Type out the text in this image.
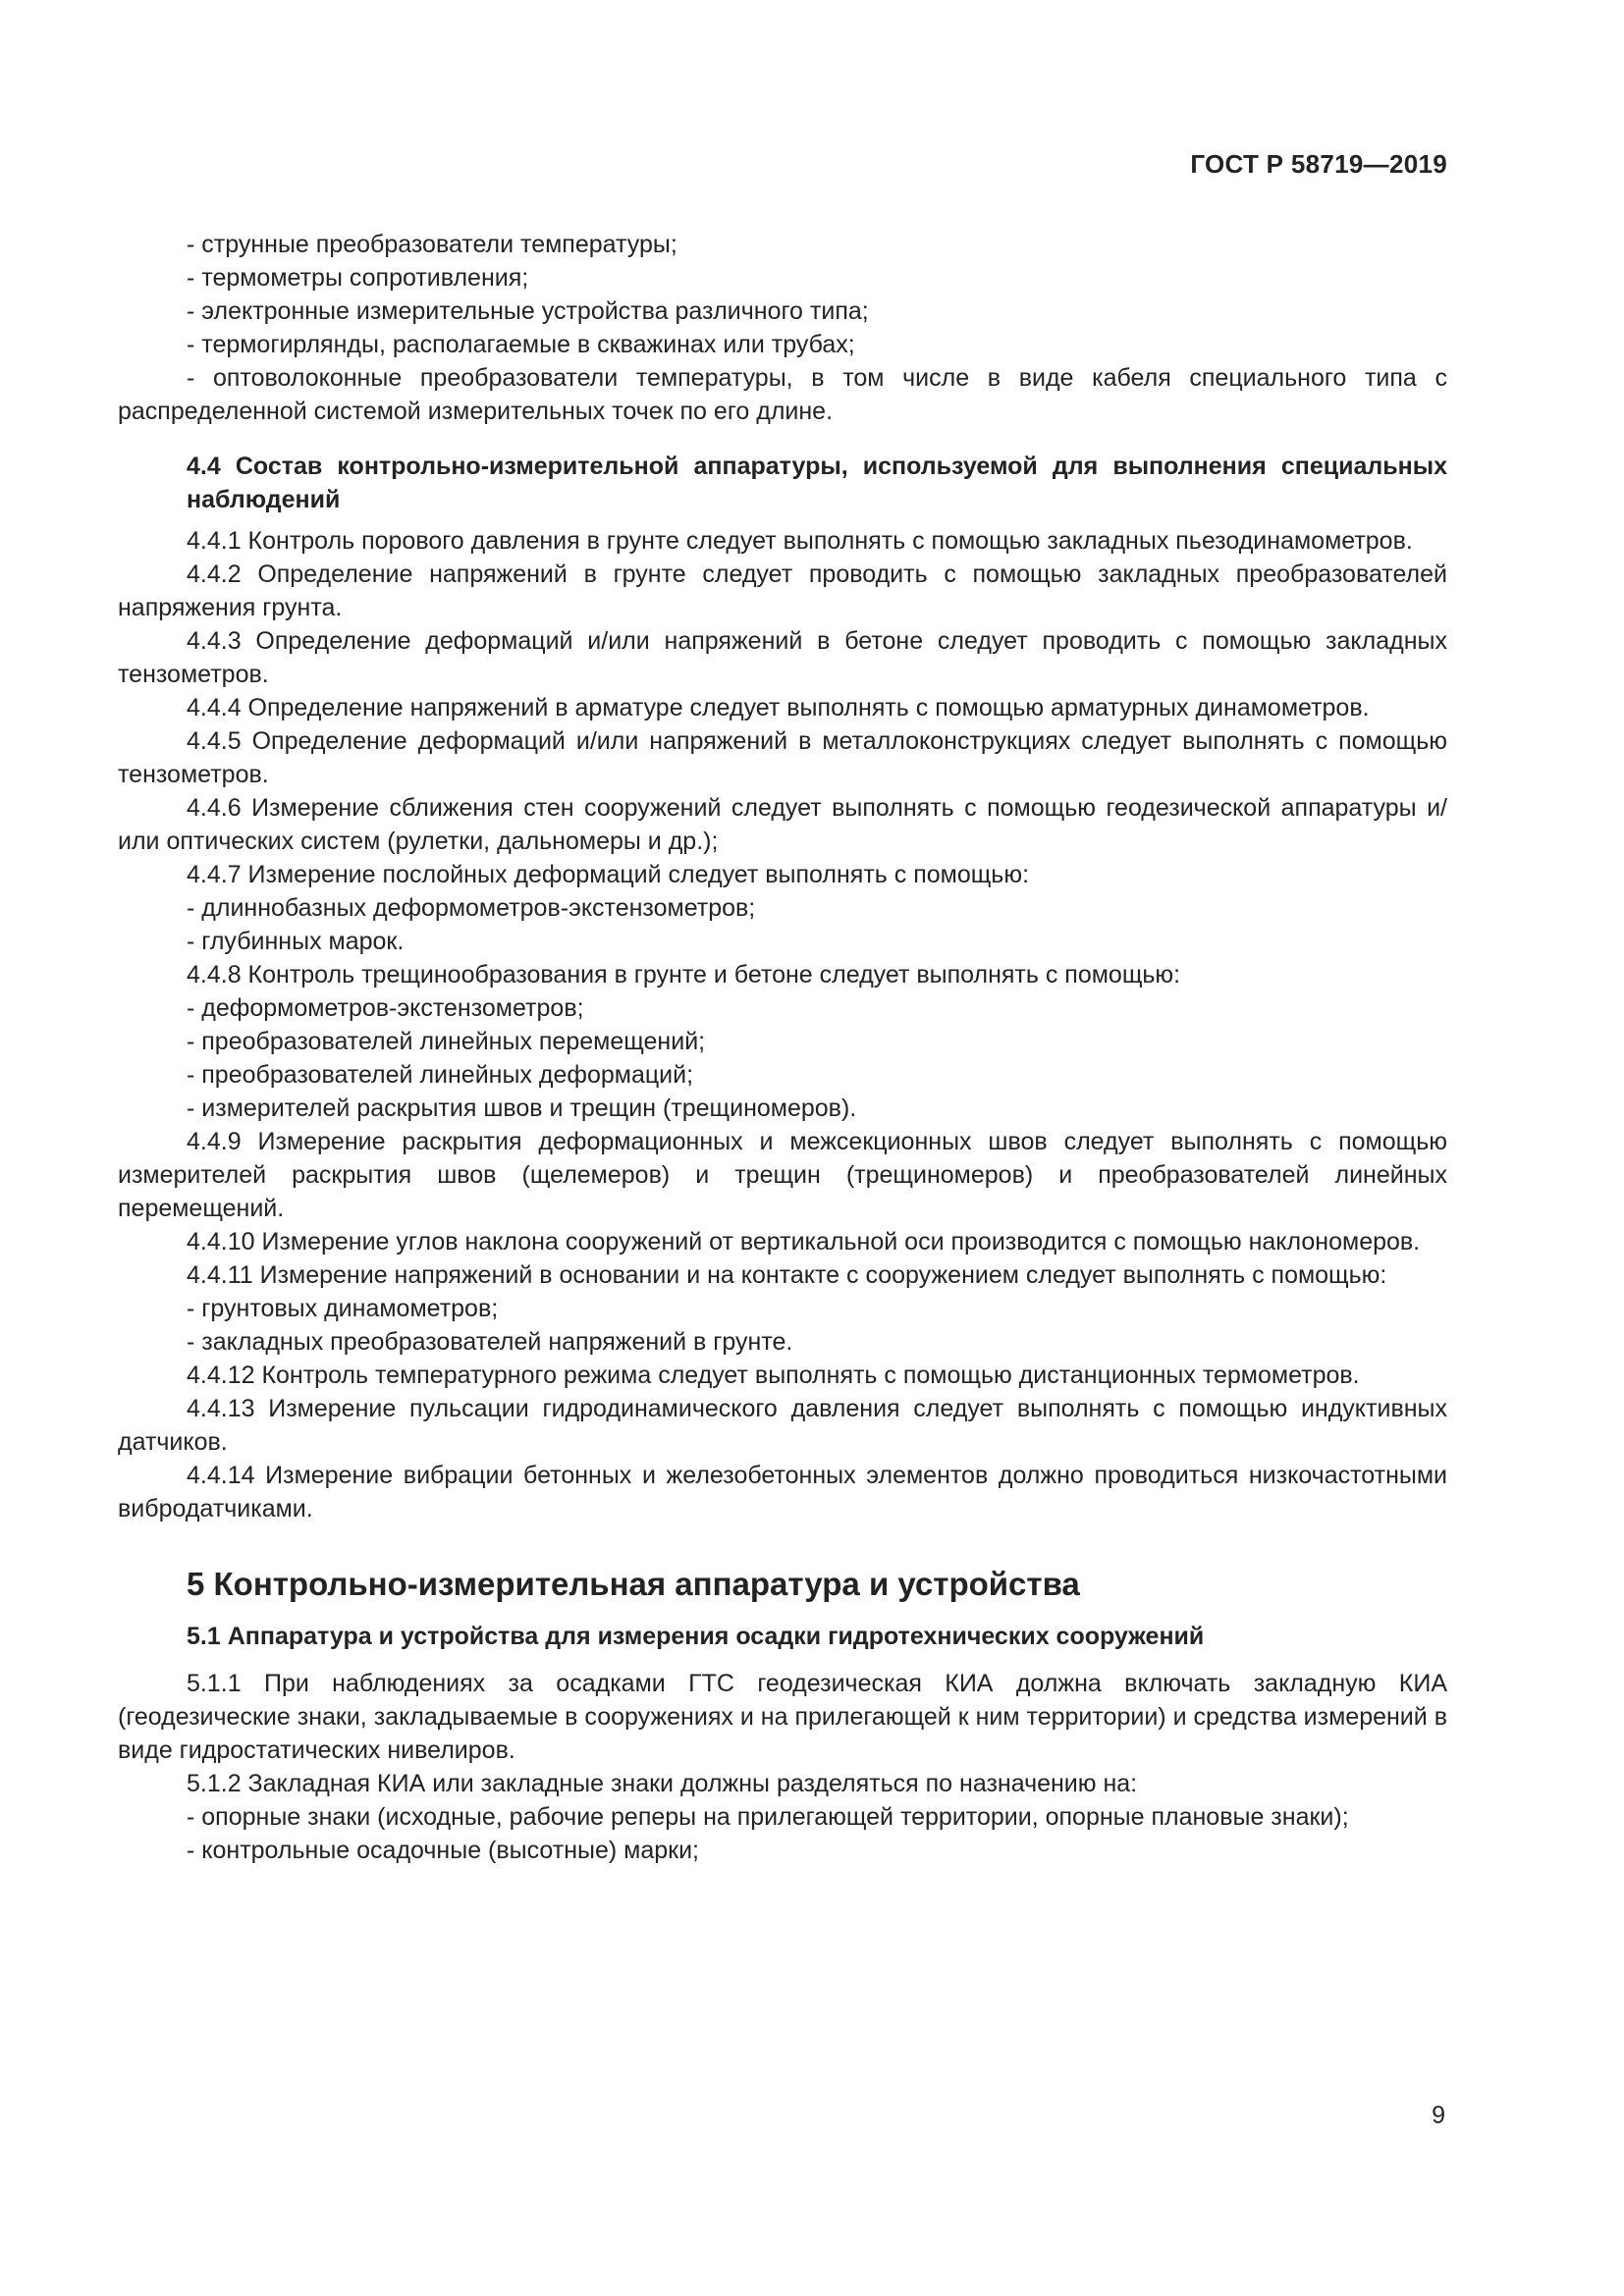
ГОСТ Р 58719—2019

- струнные преобразователи температуры;

- термометры сопротивления;

- электронные измерительные устройства различного типа;

- термогирлянды, располагаемые в скважинах или трубах;

- оптоволоконные преобразователи температуры, в том числе в виде кабеля специального типа с распределенной системой измерительных точек по его длине.

4.4 Состав контрольно-измерительной аппаратуры, используемой для выполнения специальных наблюдений

4.4.1 Контроль порового давления в грунте следует выполнять с помощью закладных пьезодинамометров.

4.4.2 Определение напряжений в грунте следует проводить с помощью закладных преобразователей напряжения грунта.

4.4.3 Определение деформаций и/или напряжений в бетоне следует проводить с помощью закладных тензометров.

4.4.4 Определение напряжений в арматуре следует выполнять с помощью арматурных динамометров.

4.4.5 Определение деформаций и/или напряжений в металлоконструкциях следует выполнять с помощью тензометров.

4.4.6 Измерение сближения стен сооружений следует выполнять с помощью геодезической аппаратуры и/или оптических систем (рулетки, дальномеры и др.);

4.4.7 Измерение послойных деформаций следует выполнять с помощью:

- длиннобазных деформометров-экстензометров;

- глубинных марок.

4.4.8 Контроль трещинообразования в грунте и бетоне следует выполнять с помощью:

- деформометров-экстензометров;

- преобразователей линейных перемещений;

- преобразователей линейных деформаций;

- измерителей раскрытия швов и трещин (трещиномеров).

4.4.9 Измерение раскрытия деформационных и межсекционных швов следует выполнять с помощью измерителей раскрытия швов (щелемеров) и трещин (трещиномеров) и преобразователей линейных перемещений.

4.4.10 Измерение углов наклона сооружений от вертикальной оси производится с помощью наклономеров.

4.4.11 Измерение напряжений в основании и на контакте с сооружением следует выполнять с помощью:

- грунтовых динамометров;

- закладных преобразователей напряжений в грунте.

4.4.12 Контроль температурного режима следует выполнять с помощью дистанционных термометров.

4.4.13 Измерение пульсации гидродинамического давления следует выполнять с помощью индуктивных датчиков.

4.4.14 Измерение вибрации бетонных и железобетонных элементов должно проводиться низкочастотными вибродатчиками.

5 Контрольно-измерительная аппаратура и устройства

5.1 Аппаратура и устройства для измерения осадки гидротехнических сооружений

5.1.1 При наблюдениях за осадками ГТС геодезическая КИА должна включать закладную КИА (геодезические знаки, закладываемые в сооружениях и на прилегающей к ним территории) и средства измерений в виде гидростатических нивелиров.

5.1.2 Закладная КИА или закладные знаки должны разделяться по назначению на:

- опорные знаки (исходные, рабочие реперы на прилегающей территории, опорные плановые знаки);

- контрольные осадочные (высотные) марки;

9
